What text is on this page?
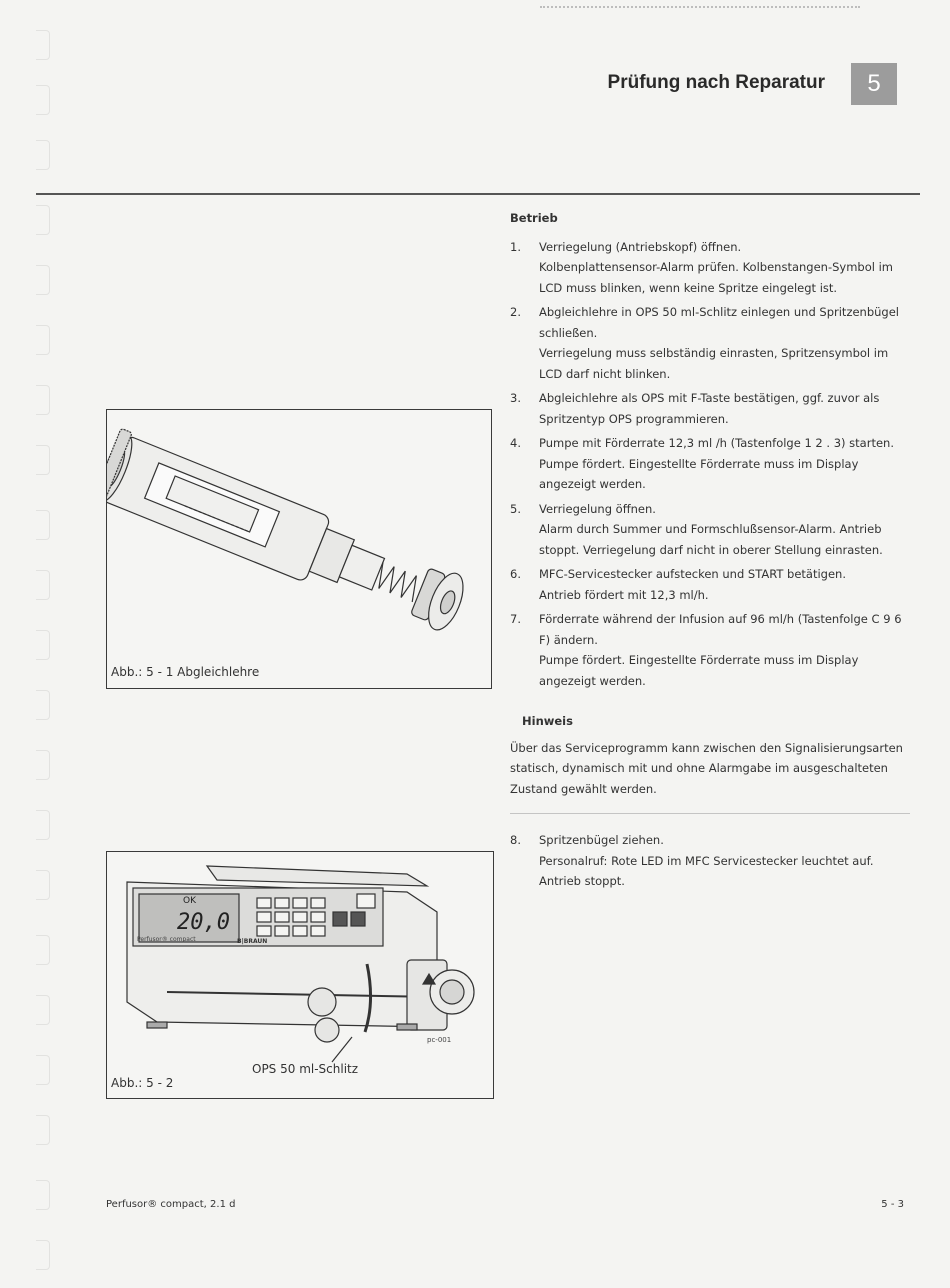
Prüfung nach Reparatur	5
Betrieb
1.	Verriegelung (Antriebskopf) öffnen.
Kolbenplattensensor-Alarm prüfen. Kolbenstangen-Symbol im LCD muss blinken, wenn keine Spritze eingelegt ist.
2.	Abgleichlehre in OPS 50 ml-Schlitz einlegen und Spritzenbügel schließen.
Verriegelung muss selbständig einrasten, Spritzensymbol im LCD darf nicht blinken.
3.	Abgleichlehre als OPS mit F-Taste bestätigen, ggf. zuvor als Spritzentyp OPS programmieren.
4.	Pumpe mit Förderrate 12,3 ml /h (Tastenfolge 1 2 . 3) starten.
Pumpe fördert. Eingestellte Förderrate muss im Display angezeigt werden.
5.	Verriegelung öffnen.
Alarm durch Summer und Formschlußsensor-Alarm. Antrieb stoppt. Verriegelung darf nicht in oberer Stellung einrasten.
6.	MFC-Servicestecker aufstecken und START betätigen.
Antrieb fördert mit 12,3 ml/h.
7.	Förderrate während der Infusion auf 96 ml/h (Tastenfolge C 9 6 F) ändern.
Pumpe fördert. Eingestellte Förderrate muss im Display angezeigt werden.
Hinweis
Über das Serviceprogramm kann zwischen den Signalisierungsarten statisch, dynamisch mit und ohne Alarmgabe im ausgeschalteten Zustand gewählt werden.
8.	Spritzenbügel ziehen.
Personalruf: Rote LED im MFC Servicestecker leuchtet auf. Antrieb stoppt.
Abb.: 5 - 1 Abgleichlehre
OK
20,0
Perfusor® compact	B|BRAUN
pc-001
OPS 50 ml-Schlitz
Abb.: 5 - 2
Perfusor® compact, 2.1 d	5 - 3
